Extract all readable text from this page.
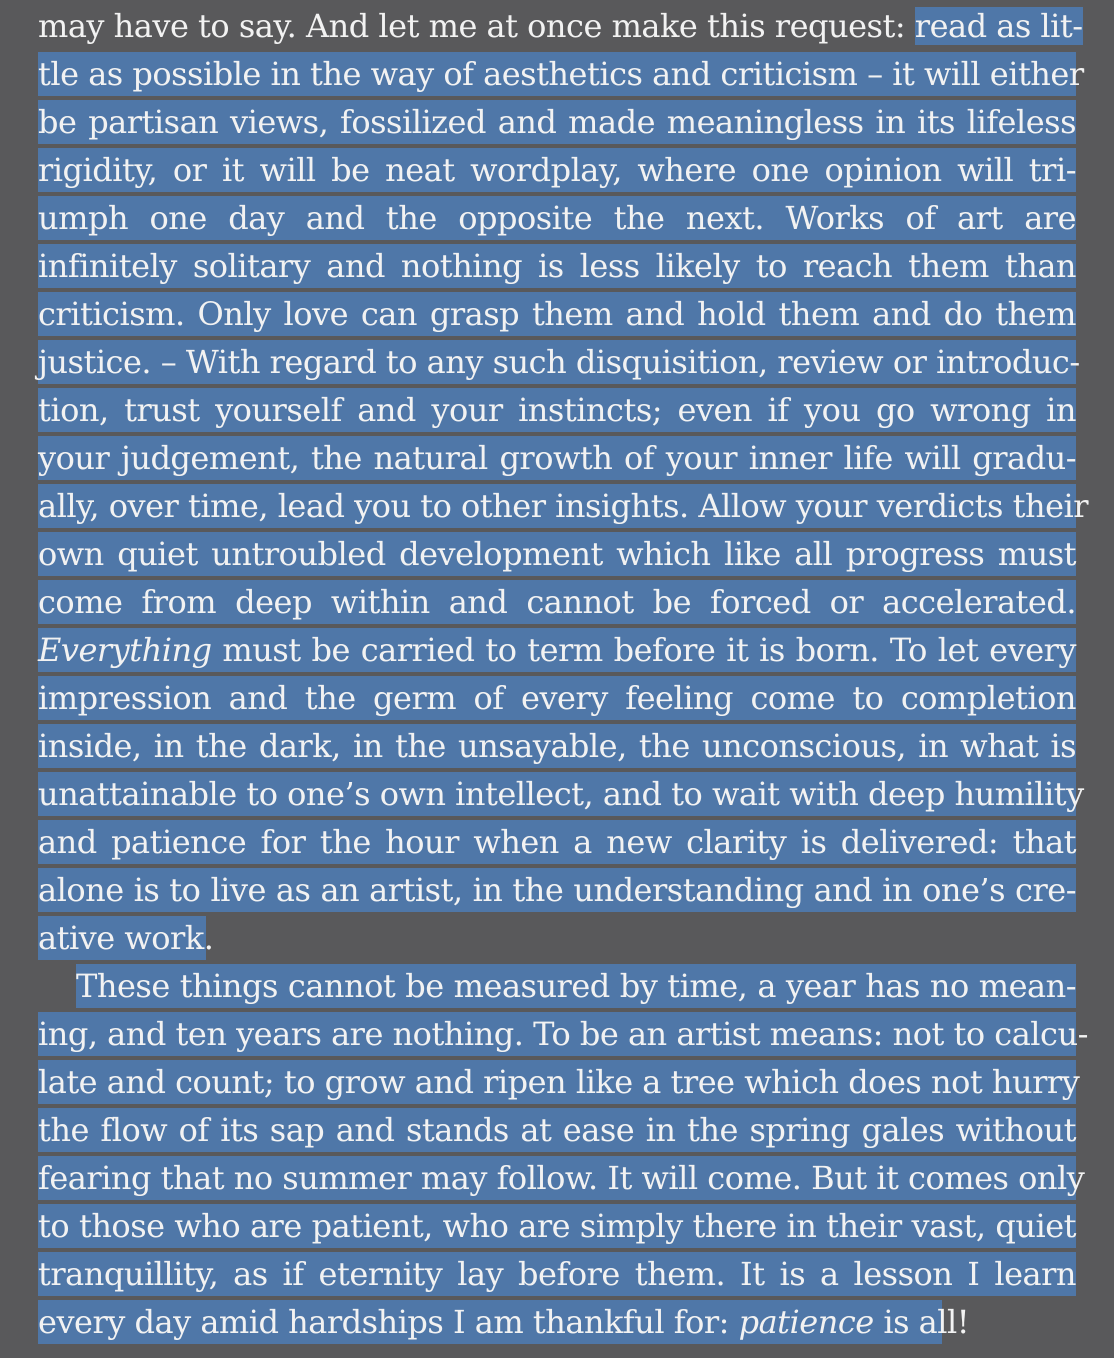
may have to say. And let me at once make this request: read as lit-
tle as possible in the way of aesthetics and criticism – it will either
be partisan views, fossilized and made meaningless in its lifeless
rigidity, or it will be neat wordplay, where one opinion will tri-
umph one day and the opposite the next. Works of art are
infinitely solitary and nothing is less likely to reach them than
criticism. Only love can grasp them and hold them and do them
justice. – With regard to any such disquisition, review or introduc-
tion, trust yourself and your instincts; even if you go wrong in
your judgement, the natural growth of your inner life will gradu-
ally, over time, lead you to other insights. Allow your verdicts their
own quiet untroubled development which like all progress must
come from deep within and cannot be forced or accelerated.
Everything must be carried to term before it is born. To let every
impression and the germ of every feeling come to completion
inside, in the dark, in the unsayable, the unconscious, in what is
unattainable to one’s own intellect, and to wait with deep humility
and patience for the hour when a new clarity is delivered: that
alone is to live as an artist, in the understanding and in one’s cre-
ative work.
These things cannot be measured by time, a year has no mean-
ing, and ten years are nothing. To be an artist means: not to calcu-
late and count; to grow and ripen like a tree which does not hurry
the flow of its sap and stands at ease in the spring gales without
fearing that no summer may follow. It will come. But it comes only
to those who are patient, who are simply there in their vast, quiet
tranquillity, as if eternity lay before them. It is a lesson I learn
every day amid hardships I am thankful for: patience is all!
